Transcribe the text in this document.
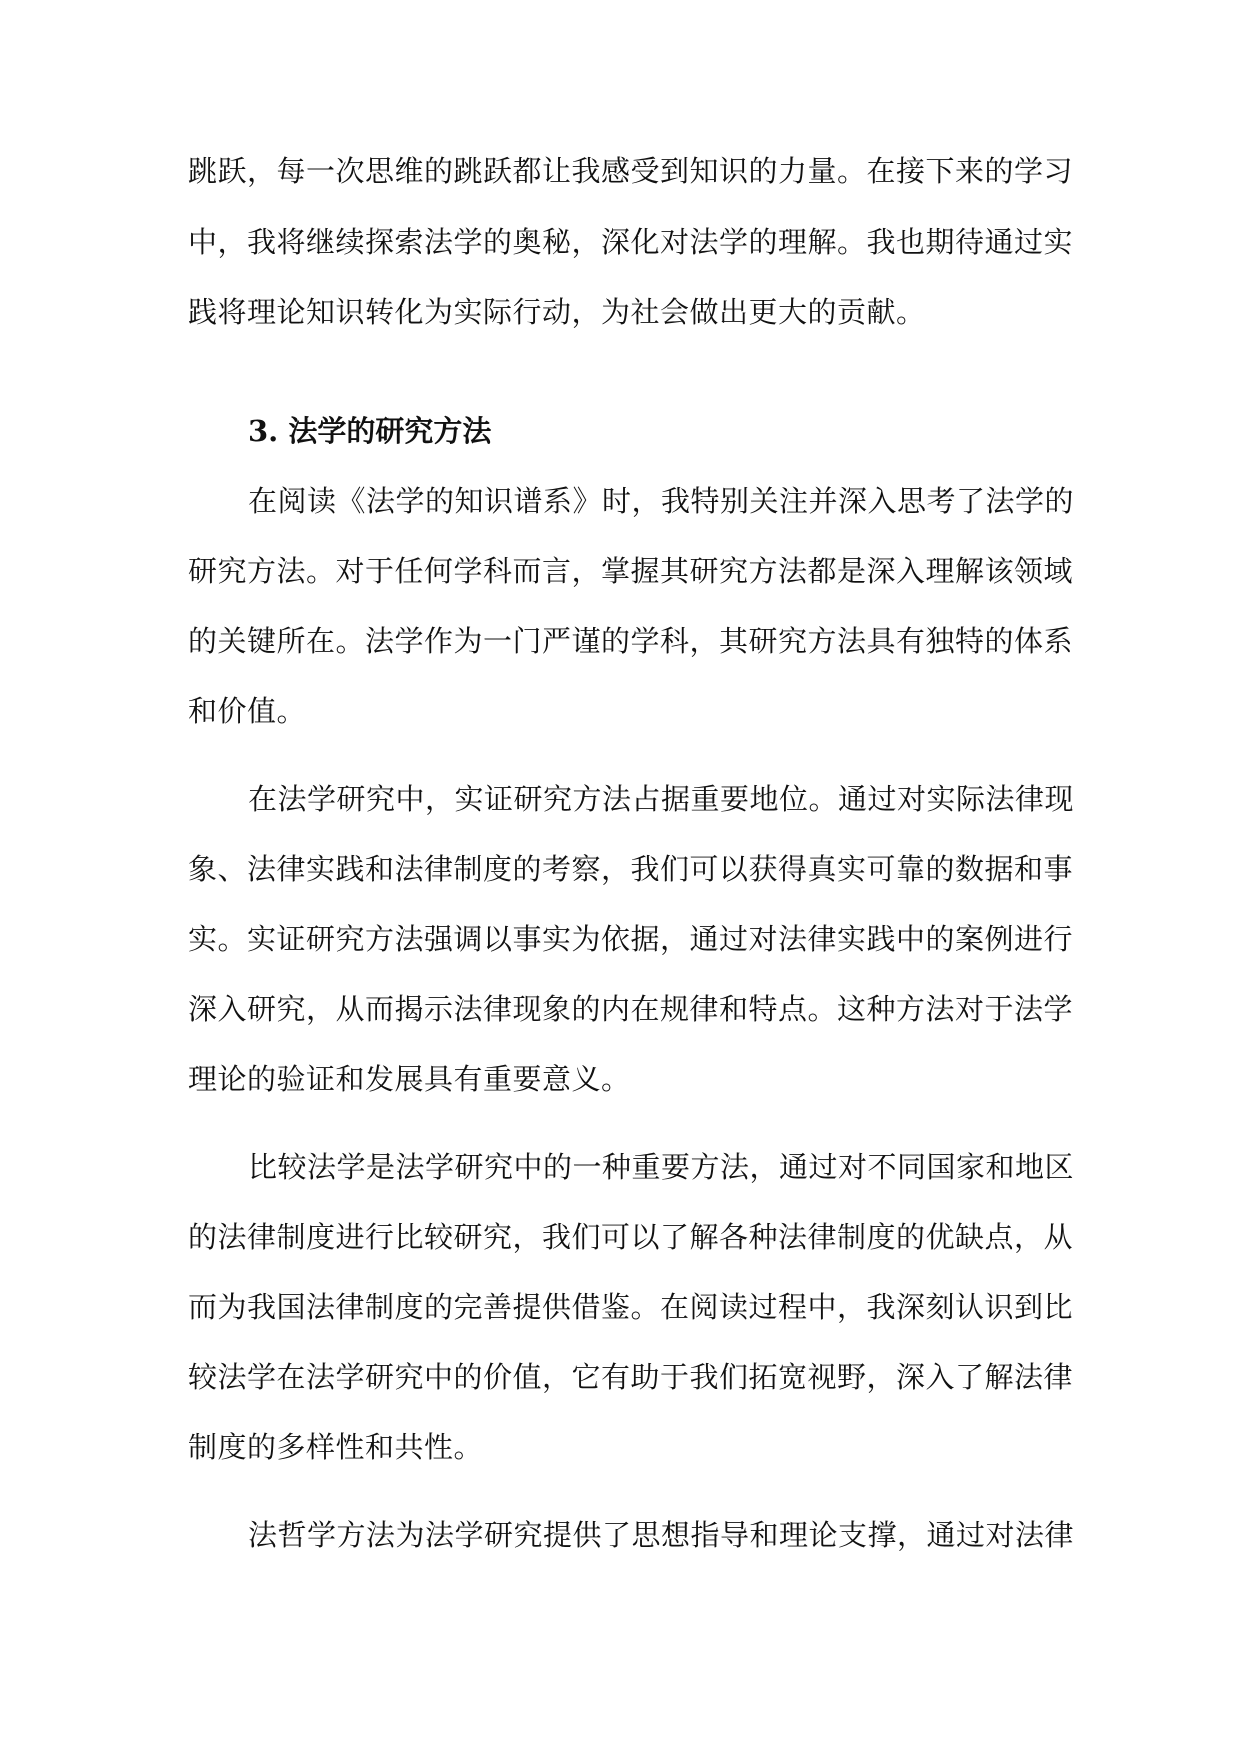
跳跃，每一次思维的跳跃都让我感受到知识的力量。在接下来的学习
中，我将继续探索法学的奥秘，深化对法学的理解。我也期待通过实
践将理论知识转化为实际行动，为社会做出更大的贡献。
3. 法学的研究方法
在阅读《法学的知识谱系》时，我特别关注并深入思考了法学的
研究方法。对于任何学科而言，掌握其研究方法都是深入理解该领域
的关键所在。法学作为一门严谨的学科，其研究方法具有独特的体系
和价值。
在法学研究中，实证研究方法占据重要地位。通过对实际法律现
象、法律实践和法律制度的考察，我们可以获得真实可靠的数据和事
实。实证研究方法强调以事实为依据，通过对法律实践中的案例进行
深入研究，从而揭示法律现象的内在规律和特点。这种方法对于法学
理论的验证和发展具有重要意义。
比较法学是法学研究中的一种重要方法，通过对不同国家和地区
的法律制度进行比较研究，我们可以了解各种法律制度的优缺点，从
而为我国法律制度的完善提供借鉴。在阅读过程中，我深刻认识到比
较法学在法学研究中的价值，它有助于我们拓宽视野，深入了解法律
制度的多样性和共性。
法哲学方法为法学研究提供了思想指导和理论支撑，通过对法律
